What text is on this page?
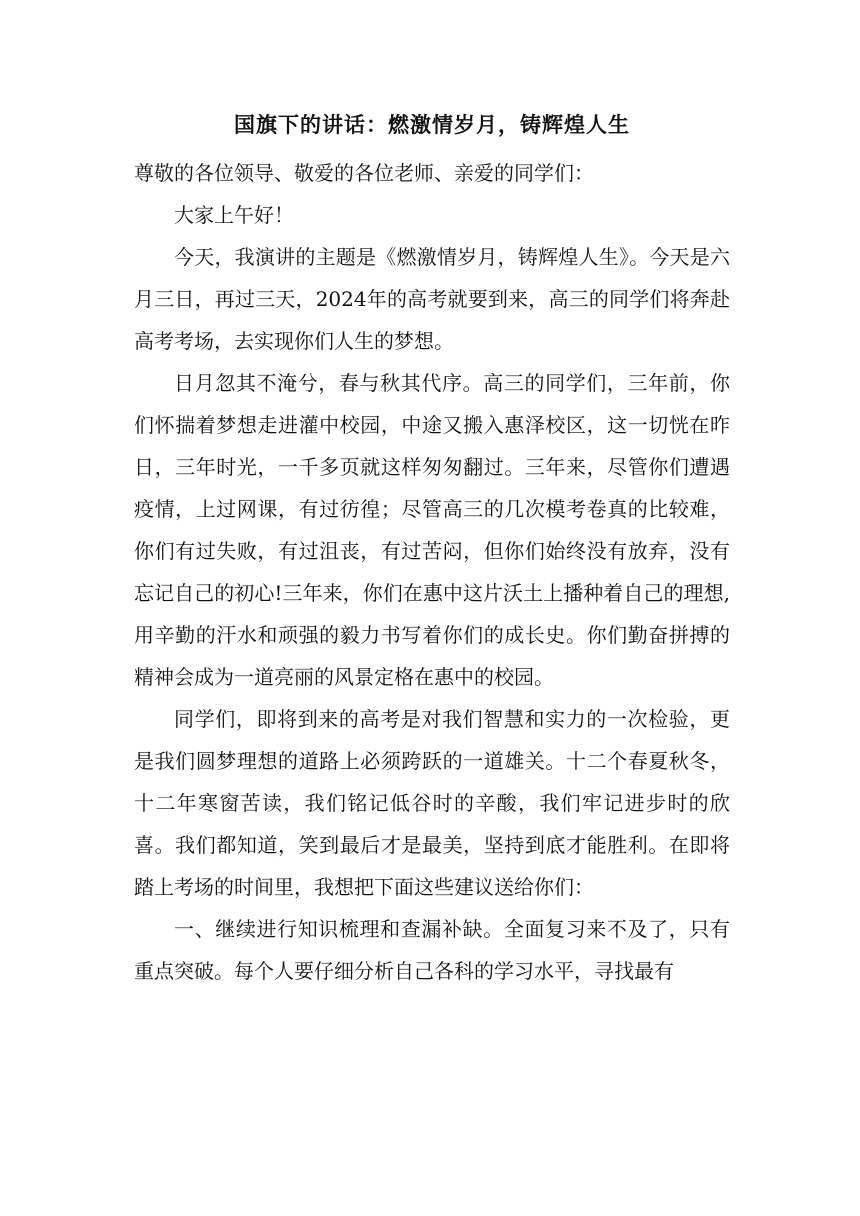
国旗下的讲话：燃激情岁月，铸辉煌人生

尊敬的各位领导、敬爱的各位老师、亲爱的同学们：

大家上午好！

今天，我演讲的主题是《燃激情岁月，铸辉煌人生》。今天是六月三日，再过三天，2024年的高考就要到来，高三的同学们将奔赴高考考场，去实现你们人生的梦想。

日月忽其不淹兮，春与秋其代序。高三的同学们，三年前，你们怀揣着梦想走进灌中校园，中途又搬入惠泽校区，这一切恍在昨日，三年时光，一千多页就这样匆匆翻过。三年来，尽管你们遭遇疫情，上过网课，有过彷徨；尽管高三的几次模考卷真的比较难，你们有过失败，有过沮丧，有过苦闷，但你们始终没有放弃，没有忘记自己的初心!三年来，你们在惠中这片沃土上播种着自己的理想,用辛勤的汗水和顽强的毅力书写着你们的成长史。你们勤奋拼搏的精神会成为一道亮丽的风景定格在惠中的校园。

同学们，即将到来的高考是对我们智慧和实力的一次检验，更是我们圆梦理想的道路上必须跨跃的一道雄关。十二个春夏秋冬，十二年寒窗苦读，我们铭记低谷时的辛酸，我们牢记进步时的欣喜。我们都知道，笑到最后才是最美，坚持到底才能胜利。在即将踏上考场的时间里，我想把下面这些建议送给你们：

一、继续进行知识梳理和查漏补缺。全面复习来不及了，只有重点突破。每个人要仔细分析自己各科的学习水平，寻找最有
